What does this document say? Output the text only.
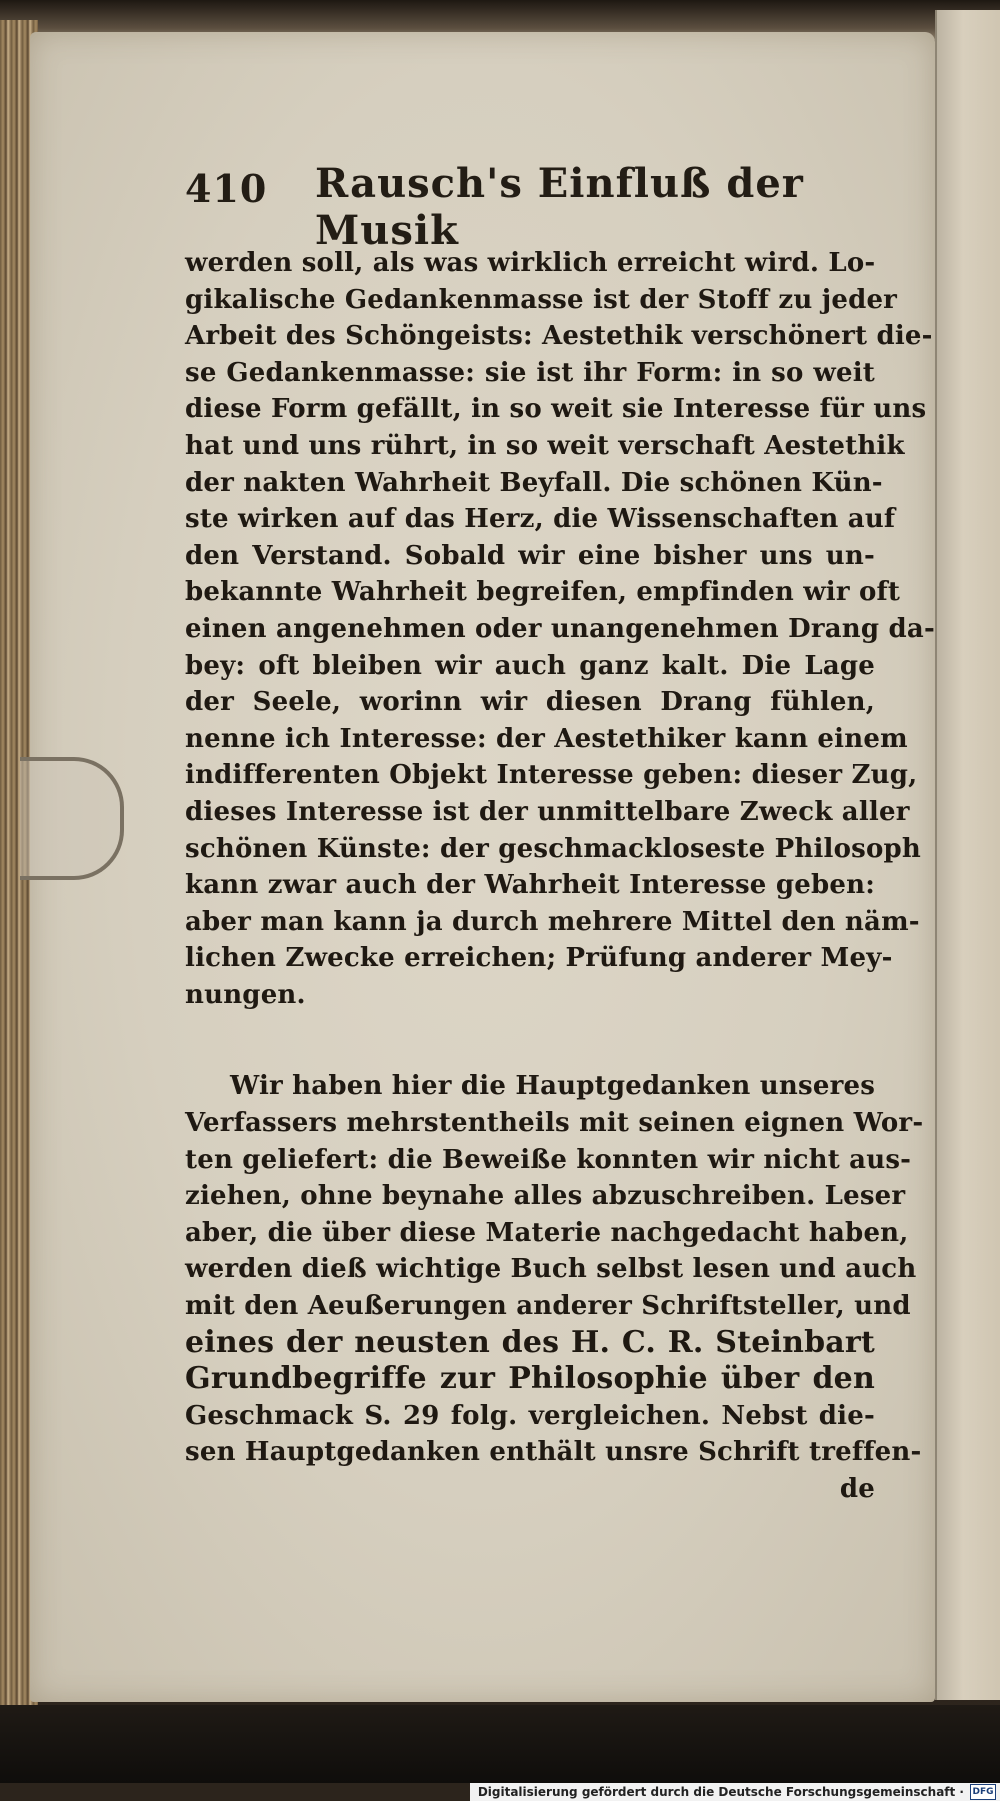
410 Rausch's Einfluß der Musik
werden soll, als was wirklich erreicht wird. Lo-
gikalische Gedankenmasse ist der Stoff zu jeder
Arbeit des Schöngeists: Aestethik verschönert die-
se Gedankenmasse: sie ist ihr Form: in so weit
diese Form gefällt, in so weit sie Interesse für uns
hat und uns rührt, in so weit verschaft Aestethik
der nakten Wahrheit Beyfall. Die schönen Kün-
ste wirken auf das Herz, die Wissenschaften auf
den Verstand. Sobald wir eine bisher uns un-
bekannte Wahrheit begreifen, empfinden wir oft
einen angenehmen oder unangenehmen Drang da-
bey: oft bleiben wir auch ganz kalt. Die Lage
der Seele, worinn wir diesen Drang fühlen,
nenne ich Interesse: der Aestethiker kann einem
indifferenten Objekt Interesse geben: dieser Zug,
dieses Interesse ist der unmittelbare Zweck aller
schönen Künste: der geschmackloseste Philosoph
kann zwar auch der Wahrheit Interesse geben:
aber man kann ja durch mehrere Mittel den näm-
lichen Zwecke erreichen; Prüfung anderer Mey-
nungen.
Wir haben hier die Hauptgedanken unseres
Verfassers mehrstentheils mit seinen eignen Wor-
ten geliefert: die Beweiße konnten wir nicht aus-
ziehen, ohne beynahe alles abzuschreiben. Leser
aber, die über diese Materie nachgedacht haben,
werden dieß wichtige Buch selbst lesen und auch
mit den Aeußerungen anderer Schriftsteller, und
eines der neusten des H. C. R. Steinbart
Grundbegriffe zur Philosophie über den
Geschmack S. 29 folg. vergleichen. Nebst die-
sen Hauptgedanken enthält unsre Schrift treffen-
de
Digitalisierung gefördert durch die Deutsche Forschungsgemeinschaft · DFG
